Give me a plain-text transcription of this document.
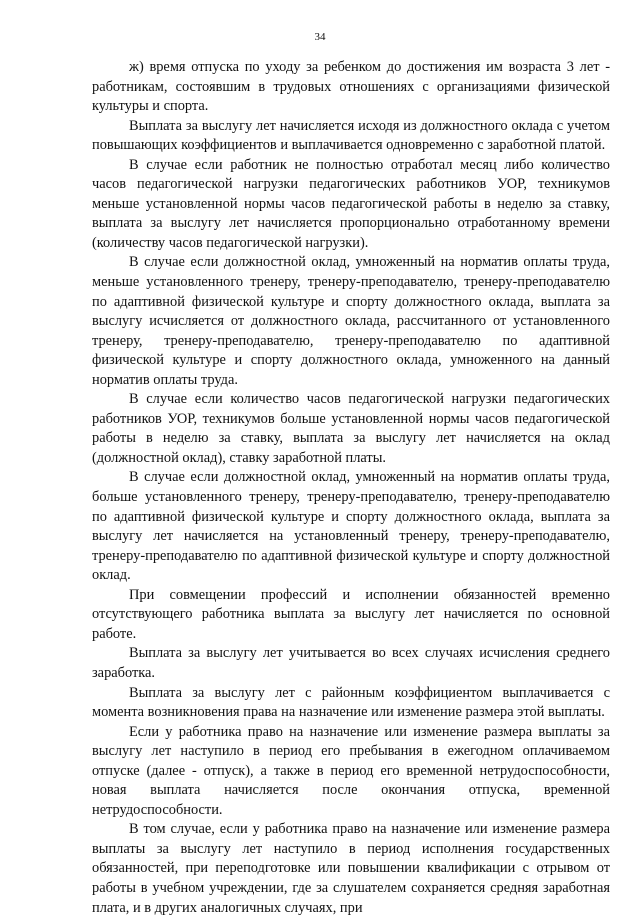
34

ж) время отпуска по уходу за ребенком до достижения им возраста 3 лет - работникам, состоявшим в трудовых отношениях с организациями физической культуры и спорта.

Выплата за выслугу лет начисляется исходя из должностного оклада с учетом повышающих коэффициентов и выплачивается одновременно с заработной платой.

В случае если работник не полностью отработал месяц либо количество часов педагогической нагрузки педагогических работников УОР, техникумов меньше установленной нормы часов педагогической работы в неделю за ставку, выплата за выслугу лет начисляется пропорционально отработанному времени (количеству часов педагогической нагрузки).

В случае если должностной оклад, умноженный на норматив оплаты труда, меньше установленного тренеру, тренеру-преподавателю, тренеру-преподавателю по адаптивной физической культуре и спорту должностного оклада, выплата за выслугу исчисляется от должностного оклада, рассчитанного от установленного тренеру, тренеру-преподавателю, тренеру-преподавателю по адаптивной физической культуре и спорту должностного оклада, умноженного на данный норматив оплаты труда.

В случае если количество часов педагогической нагрузки педагогических работников УОР, техникумов больше установленной нормы часов педагогической работы в неделю за ставку, выплата за выслугу лет начисляется на оклад (должностной оклад), ставку заработной платы.

В случае если должностной оклад, умноженный на норматив оплаты труда, больше установленного тренеру, тренеру-преподавателю, тренеру-преподавателю по адаптивной физической культуре и спорту должностного оклада, выплата за выслугу лет начисляется на установленный тренеру, тренеру-преподавателю, тренеру-преподавателю по адаптивной физической культуре и спорту должностной оклад.

При совмещении профессий и исполнении обязанностей временно отсутствующего работника выплата за выслугу лет начисляется по основной работе.

Выплата за выслугу лет учитывается во всех случаях исчисления среднего заработка.

Выплата за выслугу лет с районным коэффициентом выплачивается с момента возникновения права на назначение или изменение размера этой выплаты.

Если у работника право на назначение или изменение размера выплаты за выслугу лет наступило в период его пребывания в ежегодном оплачиваемом отпуске (далее - отпуск), а также в период его временной нетрудоспособности, новая выплата начисляется после окончания отпуска, временной нетрудоспособности.

В том случае, если у работника право на назначение или изменение размера выплаты за выслугу лет наступило в период исполнения государственных обязанностей, при переподготовке или повышении квалификации с отрывом от работы в учебном учреждении, где за слушателем сохраняется средняя заработная плата, и в других аналогичных случаях, при
